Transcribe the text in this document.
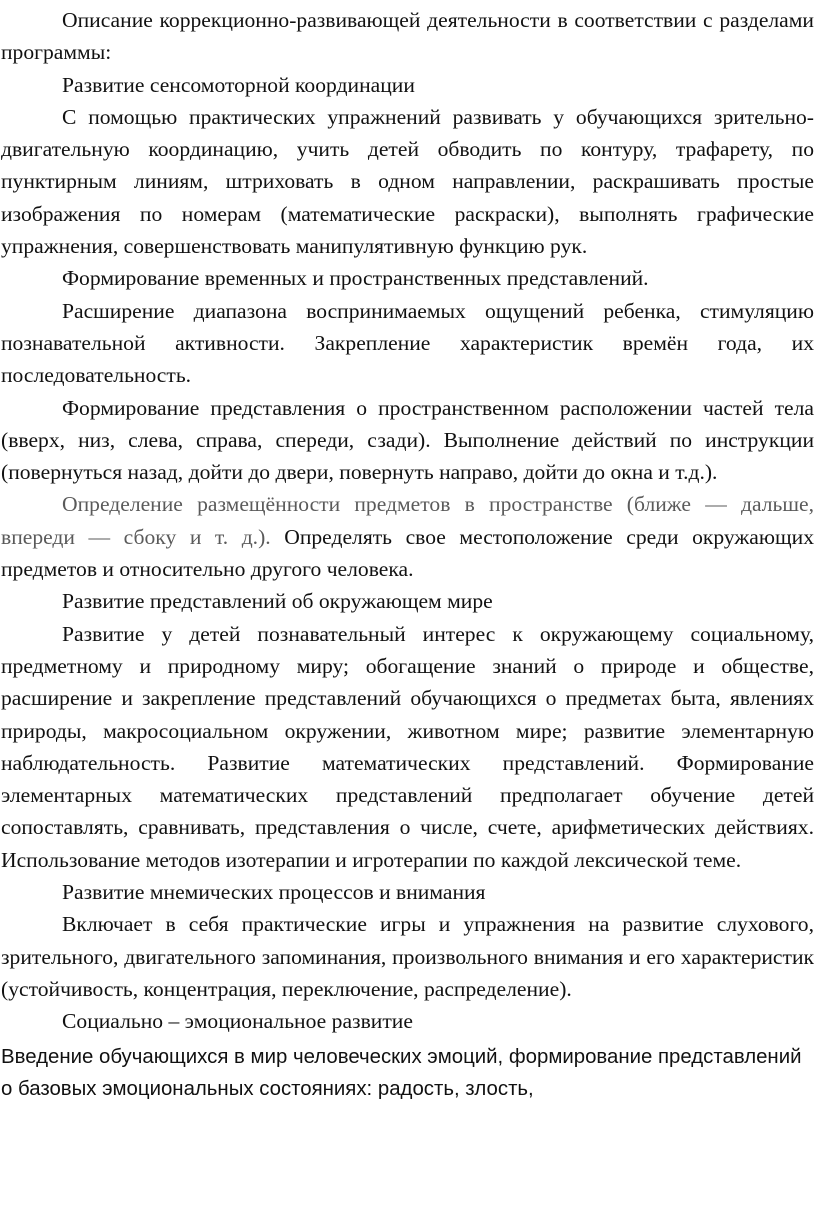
Описание коррекционно-развивающей деятельности в соответствии с разделами программы:

Развитие сенсомоторной координации

С помощью практических упражнений развивать у обучающихся зрительно-двигательную координацию, учить детей обводить по контуру, трафарету, по пунктирным линиям, штриховать в одном направлении, раскрашивать простые изображения по номерам (математические раскраски), выполнять графические упражнения, совершенствовать манипулятивную функцию рук.

Формирование временных и пространственных представлений.

Расширение диапазона воспринимаемых ощущений ребенка, стимуляцию познавательной активности. Закрепление характеристик времён года, их последовательность.

Формирование представления о пространственном расположении частей тела (вверх, низ, слева, справа, спереди, сзади). Выполнение действий по инструкции (повернуться назад, дойти до двери, повернуть направо, дойти до окна и т.д.).

Определение размещённости предметов в пространстве (ближе — дальше, впереди — сбоку и т. д.). Определять свое местоположение среди окружающих предметов и относительно другого человека.

Развитие представлений об окружающем мире

Развитие у детей познавательный интерес к окружающему социальному, предметному и природному миру; обогащение знаний о природе и обществе, расширение и закрепление представлений обучающихся о предметах быта, явлениях природы, макросоциальном окружении, животном мире; развитие элементарную наблюдательность. Развитие математических представлений. Формирование элементарных математических представлений предполагает обучение детей сопоставлять, сравнивать, представления о числе, счете, арифметических действиях. Использование методов изотерапии и игротерапии по каждой лексической теме.

Развитие мнемических процессов и внимания

Включает в себя практические игры и упражнения на развитие слухового, зрительного, двигательного запоминания, произвольного внимания и его характеристик (устойчивость, концентрация, переключение, распределение).

Социально – эмоциональное развитие

Введение обучающихся в мир человеческих эмоций, формирование представлений о базовых эмоциональных состояниях: радость, злость,
